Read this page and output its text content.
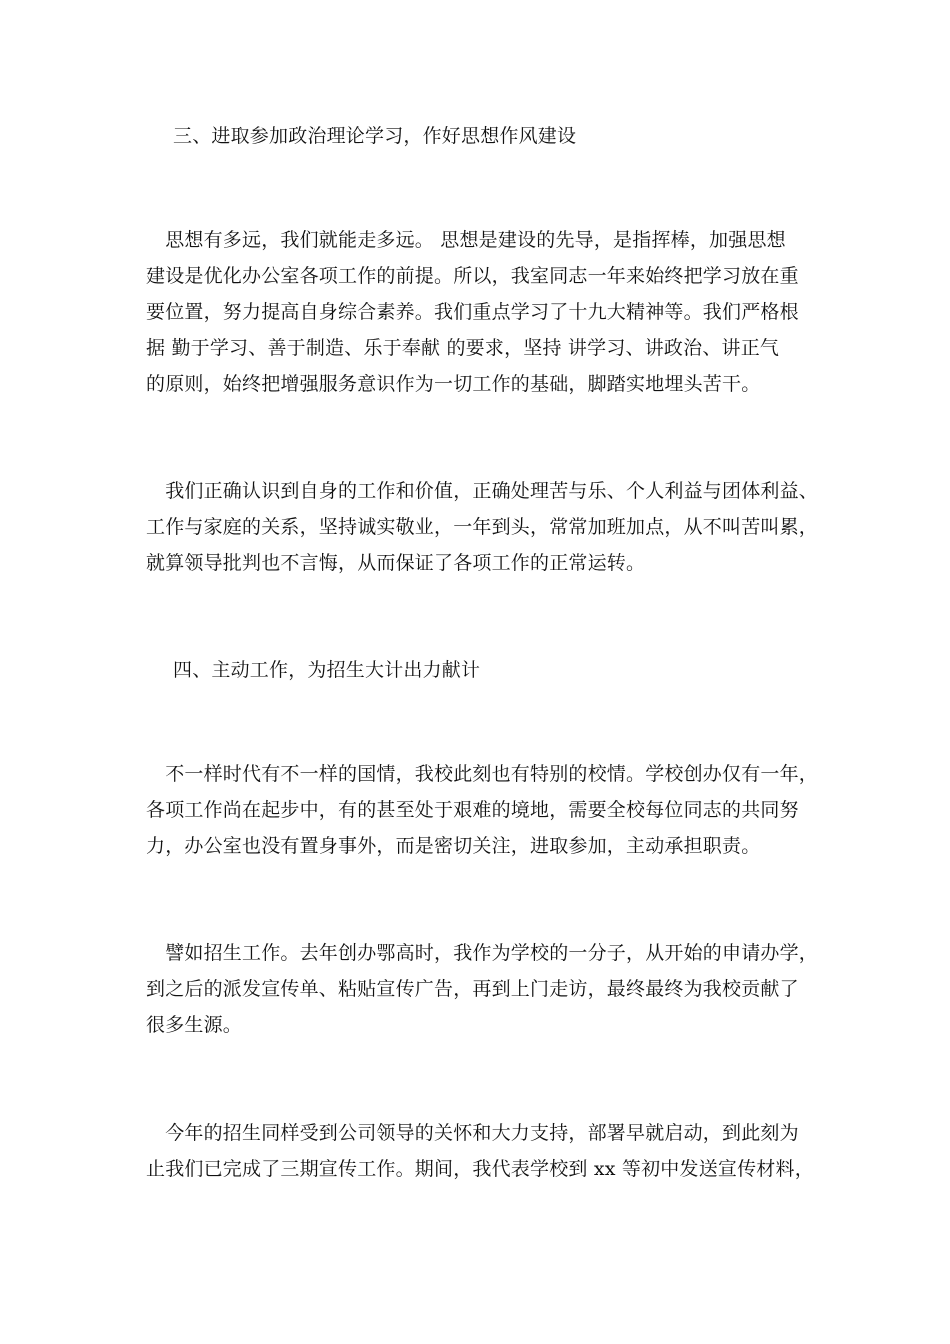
三、进取参加政治理论学习，作好思想作风建设

　思想有多远，我们就能走多远。 思想是建设的先导，是指挥棒，加强思想
建设是优化办公室各项工作的前提。所以，我室同志一年来始终把学习放在重
要位置，努力提高自身综合素养。我们重点学习了十九大精神等。我们严格根
据 勤于学习、善于制造、乐于奉献 的要求，坚持 讲学习、讲政治、讲正气
的原则，始终把增强服务意识作为一切工作的基础，脚踏实地埋头苦干。

　我们正确认识到自身的工作和价值，正确处理苦与乐、个人利益与团体利益、
工作与家庭的关系，坚持诚实敬业，一年到头，常常加班加点，从不叫苦叫累，
就算领导批判也不言悔，从而保证了各项工作的正常运转。

四、主动工作，为招生大计出力献计

　不一样时代有不一样的国情，我校此刻也有特别的校情。学校创办仅有一年，
各项工作尚在起步中，有的甚至处于艰难的境地，需要全校每位同志的共同努
力，办公室也没有置身事外，而是密切关注，进取参加，主动承担职责。

　譬如招生工作。去年创办鄂高时，我作为学校的一分子，从开始的申请办学，
到之后的派发宣传单、粘贴宣传广告，再到上门走访，最终最终为我校贡献了
很多生源。

　今年的招生同样受到公司领导的关怀和大力支持，部署早就启动，到此刻为
止我们已完成了三期宣传工作。期间，我代表学校到 xx 等初中发送宣传材料，
